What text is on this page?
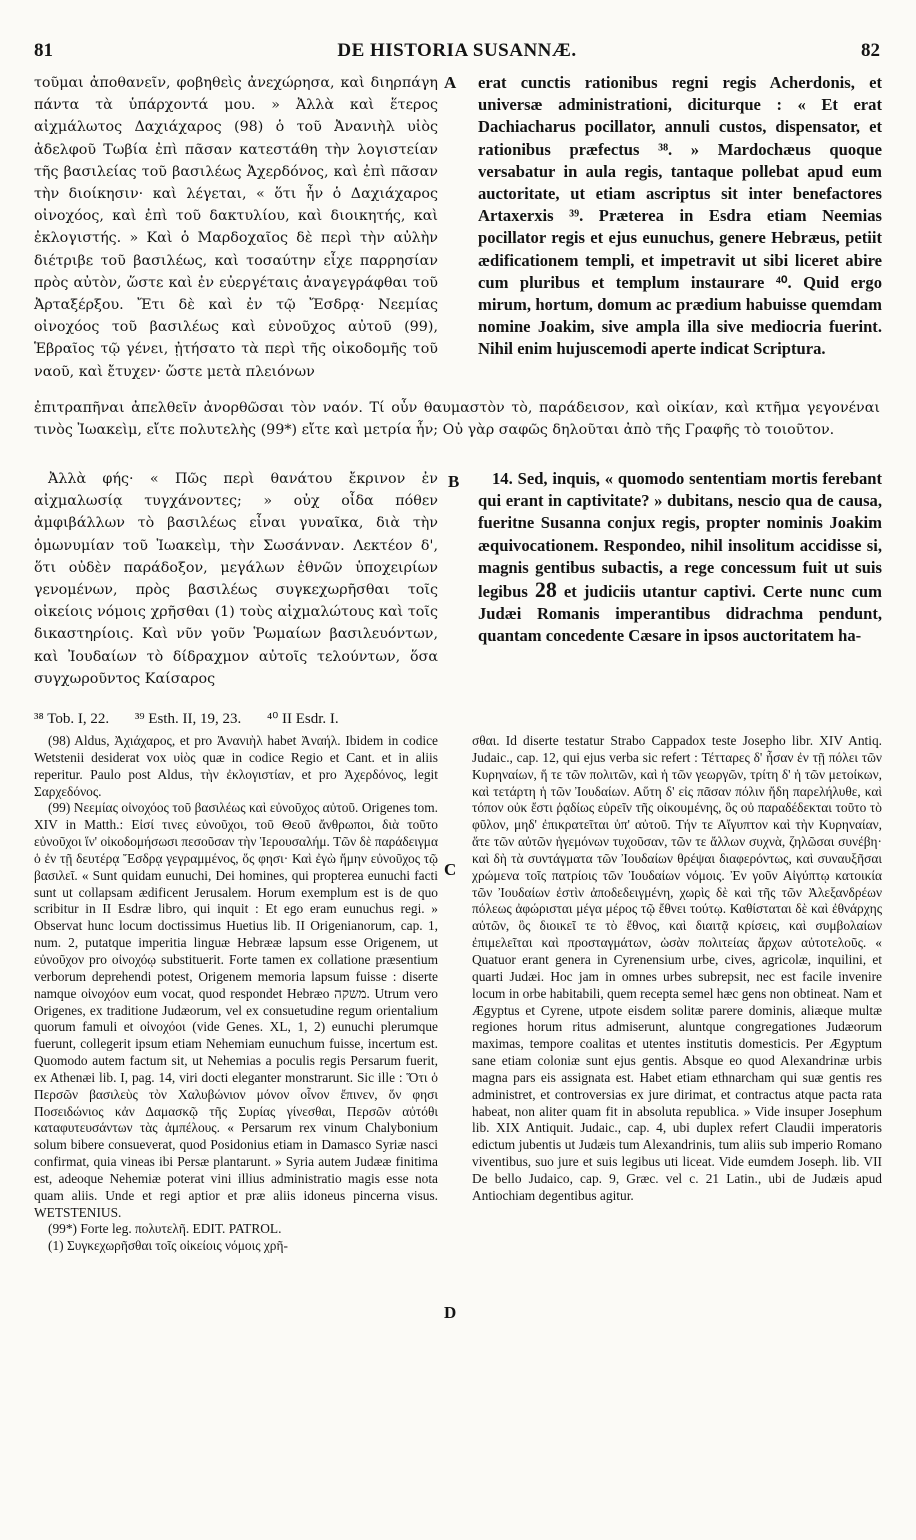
81	DE HISTORIA SUSANNÆ.	82
A
B
C
D

τοῦμαι ἀποθανεῖν, φοβηθεὶς ἀνεχώρησα, καὶ διηρπάγη πάντα τὰ ὑπάρχοντά μου. » Ἀλλὰ καὶ ἕτερος αἰχμάλωτος Δαχιάχαρος (98) ὁ τοῦ Ἀνανιὴλ υἱὸς ἀδελφοῦ Τωβία ἐπὶ πᾶσαν κατεστάθη τὴν λογιστείαν τῆς βασιλείας τοῦ βασιλέως Ἀχερδόνος, καὶ ἐπὶ πᾶσαν τὴν διοίκησιν· καὶ λέγεται, « ὅτι ἦν ὁ Δαχιάχαρος οἰνοχόος, καὶ ἐπὶ τοῦ δακτυλίου, καὶ διοικητής, καὶ ἐκλογιστής. » Καὶ ὁ Μαρδοχαῖος δὲ περὶ τὴν αὐλὴν διέτριβε τοῦ βασιλέως, καὶ τοσαύτην εἶχε παρρησίαν πρὸς αὐτὸν, ὥστε καὶ ἐν εὐεργέταις ἀναγεγράφθαι τοῦ Ἀρταξέρξου. Ἔτι δὲ καὶ ἐν τῷ Ἔσδρᾳ· Νεεμίας οἰνοχόος τοῦ βασιλέως καὶ εὐνοῦχος αὐτοῦ (99), Ἑβραῖος τῷ γένει, ᾐτήσατο τὰ περὶ τῆς οἰκοδομῆς τοῦ ναοῦ, καὶ ἔτυχεν· ὥστε μετὰ πλειόνων

erat cunctis rationibus regni regis Acherdonis, et universæ administrationi, diciturque : « Et erat Dachiacharus pocillator, annuli custos, dispensator, et rationibus præfectus ³⁸. » Mardochæus quoque versabatur in aula regis, tantaque pollebat apud eum auctoritate, ut etiam ascriptus sit inter benefactores Artaxerxis ³⁹. Præterea in Esdra etiam Neemias pocillator regis et ejus eunuchus, genere Hebræus, petiit ædificationem templi, et impetravit ut sibi liceret abire cum pluribus et templum instaurare ⁴⁰. Quid ergo mirum, hortum, domum ac prædium habuisse quemdam nomine Joakim, sive ampla illa sive mediocria fuerint. Nihil enim hujuscemodi aperte indicat Scriptura.

ἐπιτραπῆναι ἀπελθεῖν ἀνορθῶσαι τὸν ναόν. Τί οὖν θαυμαστὸν τὸ, παράδεισον, καὶ οἰκίαν, καὶ κτῆμα γεγονέναι τινὸς Ἰωακεὶμ, εἴτε πολυτελὴς (99*) εἴτε καὶ μετρία ἦν; Οὐ γὰρ σαφῶς δηλοῦται ἀπὸ τῆς Γραφῆς τὸ τοιοῦτον.

Ἀλλὰ φής· « Πῶς περὶ θανάτου ἔκρινον ἐν αἰχμαλωσίᾳ τυγχάνοντες; » οὐχ οἶδα πόθεν ἀμφιβάλλων τὸ βασιλέως εἶναι γυναῖκα, διὰ τὴν ὁμωνυμίαν τοῦ Ἰωακεὶμ, τὴν Σωσάνναν. Λεκτέον δ', ὅτι οὐδὲν παράδοξον, μεγάλων ἐθνῶν ὑποχειρίων γενομένων, πρὸς βασιλέως συγκεχωρῆσθαι τοῖς οἰκείοις νόμοις χρῆσθαι (1) τοὺς αἰχμαλώτους καὶ τοῖς δικαστηρίοις. Καὶ νῦν γοῦν Ῥωμαίων βασιλευόντων, καὶ Ἰουδαίων τὸ δίδραχμον αὐτοῖς τελούντων, ὅσα συγχωροῦντος Καίσαρος

14. Sed, inquis, « quomodo sententiam mortis ferebant qui erant in captivitate? » dubitans, nescio qua de causa, fueritne Susanna conjux regis, propter nominis Joakim æquivocationem. Respondeo, nihil insolitum accidisse si, magnis gentibus subactis, a rege concessum fuit ut suis legibus 28 et judiciis utantur captivi. Certe nunc cum Judæi Romanis imperantibus didrachma pendunt, quantam concedente Cæsare in ipsos auctoritatem ha-

³⁸ Tob. I, 22. ³⁹ Esth. II, 19, 23. ⁴⁰ II Esdr. I.

(98) Aldus, Ἀχιάχαρος, et pro Ἀνανιὴλ habet Ἀναήλ. Ibidem in codice Wetstenii desiderat vox υἱὸς quæ in codice Regio et Cant. et in aliis reperitur. Paulo post Aldus, τὴν ἐκλογιστίαν, et pro Ἀχερδόνος, legit Σαρχεδόνος.

(99) Νεεμίας οἰνοχόος τοῦ βασιλέως καὶ εὐνοῦχος αὐτοῦ. Origenes tom. XIV in Matth.: Εἰσί τινες εὐνοῦχοι, τοῦ Θεοῦ ἄνθρωποι, διὰ τοῦτο εὐνοῦχοι ἵν' οἰκοδομήσωσι πεσοῦσαν τὴν Ἱερουσαλήμ. Τῶν δὲ παράδειγμα ὁ ἐν τῇ δευτέρᾳ Ἔσδρᾳ γεγραμμένος, ὅς φησι· Καὶ ἐγὼ ἤμην εὐνοῦχος τῷ βασιλεῖ. « Sunt quidam eunuchi, Dei homines, qui propterea eunuchi facti sunt ut collapsam ædificent Jerusalem. Horum exemplum est is de quo scribitur in II Esdræ libro, qui inquit : Et ego eram eunuchus regi. » Observat hunc locum doctissimus Huetius lib. II Origenianorum, cap. 1, num. 2, putatque imperitia linguæ Hebrææ lapsum esse Origenem, ut εὐνοῦχον pro οἰνοχόῳ substituerit. Forte tamen ex collatione præsentium verborum deprehendi potest, Origenem memoria lapsum fuisse : diserte namque οἰνοχόον eum vocat, quod respondet Hebræo משקה. Utrum vero Origenes, ex traditione Judæorum, vel ex consuetudine regum orientalium quorum famuli et οἰνοχόοι (vide Genes. XL, 1, 2) eunuchi plerumque fuerunt, collegerit ipsum etiam Nehemiam eunuchum fuisse, incertum est. Quomodo autem factum sit, ut Nehemias a poculis regis Persarum fuerit, ex Athenæi lib. I, pag. 14, viri docti eleganter monstrarunt. Sic ille : Ὅτι ὁ Περσῶν βασιλεὺς τὸν Χαλυβώνιον μόνον οἶνον ἔπινεν, ὅν φησι Ποσειδώνιος κἀν Δαμασκῷ τῆς Συρίας γίνεσθαι, Περσῶν αὐτόθι καταφυτευσάντων τὰς ἀμπέλους. « Persarum rex vinum Chalybonium solum bibere consueverat, quod Posidonius etiam in Damasco Syriæ nasci confirmat, quia vineas ibi Persæ plantarunt. » Syria autem Judææ finitima est, adeoque Nehemiæ poterat vini illius administratio magis esse nota quam aliis. Unde et regi aptior et præ aliis idoneus pincerna visus. WETSTENIUS.

(99*) Forte leg. πολυτελῆ. EDIT. PATROL.

(1) Συγκεχωρῆσθαι τοῖς οἰκείοις νόμοις χρῆ-

σθαι. Id diserte testatur Strabo Cappadox teste Josepho libr. XIV Antiq. Judaic., cap. 12, qui ejus verba sic refert : Τέτταρες δ' ἦσαν ἐν τῇ πόλει τῶν Κυρηναίων, ἥ τε τῶν πολιτῶν, καὶ ἡ τῶν γεωργῶν, τρίτη δ' ἡ τῶν μετοίκων, καὶ τετάρτη ἡ τῶν Ἰουδαίων. Αὕτη δ' εἰς πᾶσαν πόλιν ἤδη παρελήλυθε, καὶ τόπον οὐκ ἔστι ῥᾳδίως εὑρεῖν τῆς οἰκουμένης, ὃς οὐ παραδέδεκται τοῦτο τὸ φῦλον, μηδ' ἐπικρατεῖται ὑπ' αὐτοῦ. Τήν τε Αἴγυπτον καὶ τὴν Κυρηναίαν, ἅτε τῶν αὐτῶν ἡγεμόνων τυχοῦσαν, τῶν τε ἄλλων συχνὰ, ζηλῶσαι συνέβη· καὶ δὴ τὰ συντάγματα τῶν Ἰουδαίων θρέψαι διαφερόντως, καὶ συναυξῆσαι χρώμενα τοῖς πατρίοις τῶν Ἰουδαίων νόμοις. Ἐν γοῦν Αἰγύπτῳ κατοικία τῶν Ἰουδαίων ἐστὶν ἀποδεδειγμένη, χωρὶς δὲ καὶ τῆς τῶν Ἀλεξανδρέων πόλεως ἀφώρισται μέγα μέρος τῷ ἔθνει τούτῳ. Καθίσταται δὲ καὶ ἐθνάρχης αὐτῶν, ὃς διοικεῖ τε τὸ ἔθνος, καὶ διαιτᾷ κρίσεις, καὶ συμβολαίων ἐπιμελεῖται καὶ προσταγμάτων, ὡσὰν πολιτείας ἄρχων αὐτοτελοῦς. « Quatuor erant genera in Cyrenensium urbe, cives, agricolæ, inquilini, et quarti Judæi. Hoc jam in omnes urbes subrepsit, nec est facile invenire locum in orbe habitabili, quem recepta semel hæc gens non obtineat. Nam et Ægyptus et Cyrene, utpote eisdem solitæ parere dominis, aliæque multæ regiones horum ritus admiserunt, aluntque congregationes Judæorum maximas, tempore coalitas et utentes institutis domesticis. Per Ægyptum sane etiam coloniæ sunt ejus gentis. Absque eo quod Alexandrinæ urbis magna pars eis assignata est. Habet etiam ethnarcham qui suæ gentis res administret, et controversias ex jure dirimat, et contractus atque pacta rata habeat, non aliter quam fit in absoluta republica. » Vide insuper Josephum lib. XIX Antiquit. Judaic., cap. 4, ubi duplex refert Claudii imperatoris edictum jubentis ut Judæis tum Alexandrinis, tum aliis sub imperio Romano viventibus, suo jure et suis legibus uti liceat. Vide eumdem Joseph. lib. VII De bello Judaico, cap. 9, Græc. vel c. 21 Latin., ubi de Judæis apud Antiochiam degentibus agitur.
